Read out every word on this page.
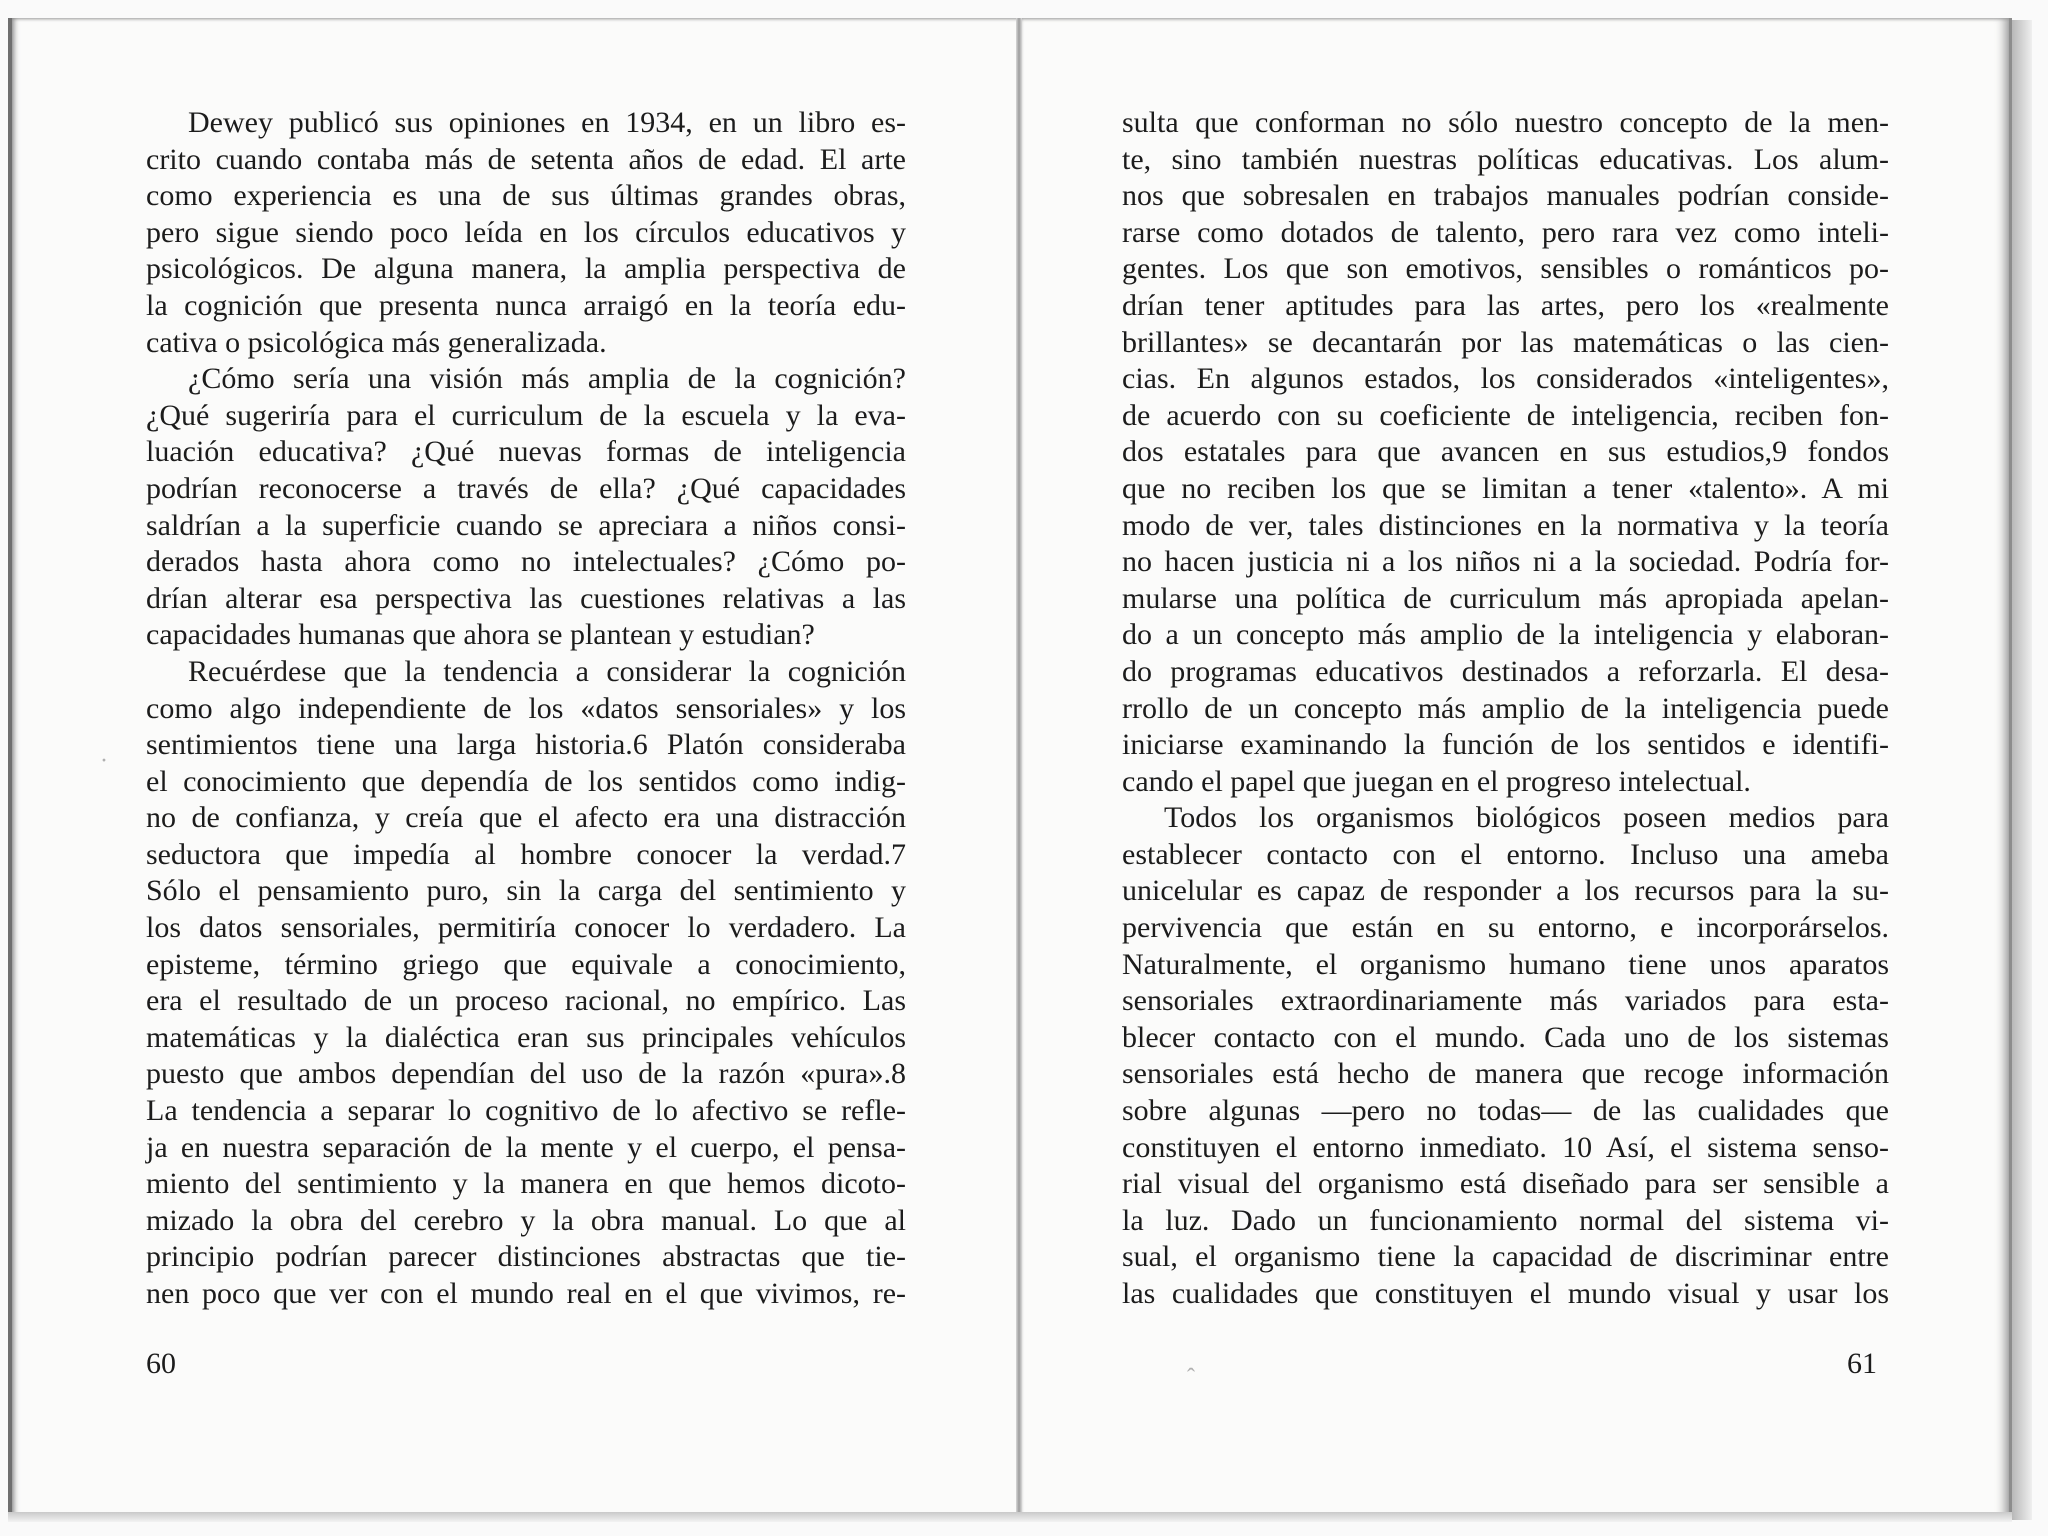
·
ˆ

Dewey publicó sus opiniones en 1934, en un libro es-
crito cuando contaba más de setenta años de edad. El arte
como experiencia es una de sus últimas grandes obras,
pero sigue siendo poco leída en los círculos educativos y
psicológicos. De alguna manera, la amplia perspectiva de
la cognición que presenta nunca arraigó en la teoría edu-
cativa o psicológica más generalizada.

¿Cómo sería una visión más amplia de la cognición?
¿Qué sugeriría para el curriculum de la escuela y la eva-
luación educativa? ¿Qué nuevas formas de inteligencia
podrían reconocerse a través de ella? ¿Qué capacidades
saldrían a la superficie cuando se apreciara a niños consi-
derados hasta ahora como no intelectuales? ¿Cómo po-
drían alterar esa perspectiva las cuestiones relativas a las
capacidades humanas que ahora se plantean y estudian?

Recuérdese que la tendencia a considerar la cognición
como algo independiente de los «datos sensoriales» y los
sentimientos tiene una larga historia.6 Platón consideraba
el conocimiento que dependía de los sentidos como indig-
no de confianza, y creía que el afecto era una distracción
seductora que impedía al hombre conocer la verdad.7
Sólo el pensamiento puro, sin la carga del sentimiento y
los datos sensoriales, permitiría conocer lo verdadero. La
episteme, término griego que equivale a conocimiento,
era el resultado de un proceso racional, no empírico. Las
matemáticas y la dialéctica eran sus principales vehículos
puesto que ambos dependían del uso de la razón «pura».8
La tendencia a separar lo cognitivo de lo afectivo se refle-
ja en nuestra separación de la mente y el cuerpo, el pensa-
miento del sentimiento y la manera en que hemos dicoto-
mizado la obra del cerebro y la obra manual. Lo que al
principio podrían parecer distinciones abstractas que tie-
nen poco que ver con el mundo real en el que vivimos, re-

60

sulta que conforman no sólo nuestro concepto de la men-
te, sino también nuestras políticas educativas. Los alum-
nos que sobresalen en trabajos manuales podrían conside-
rarse como dotados de talento, pero rara vez como inteli-
gentes. Los que son emotivos, sensibles o románticos po-
drían tener aptitudes para las artes, pero los «realmente
brillantes» se decantarán por las matemáticas o las cien-
cias. En algunos estados, los considerados «inteligentes»,
de acuerdo con su coeficiente de inteligencia, reciben fon-
dos estatales para que avancen en sus estudios,9 fondos
que no reciben los que se limitan a tener «talento». A mi
modo de ver, tales distinciones en la normativa y la teoría
no hacen justicia ni a los niños ni a la sociedad. Podría for-
mularse una política de curriculum más apropiada apelan-
do a un concepto más amplio de la inteligencia y elaboran-
do programas educativos destinados a reforzarla. El desa-
rrollo de un concepto más amplio de la inteligencia puede
iniciarse examinando la función de los sentidos e identifi-
cando el papel que juegan en el progreso intelectual.

Todos los organismos biológicos poseen medios para
establecer contacto con el entorno. Incluso una ameba
unicelular es capaz de responder a los recursos para la su-
pervivencia que están en su entorno, e incorporárselos.
Naturalmente, el organismo humano tiene unos aparatos
sensoriales extraordinariamente más variados para esta-
blecer contacto con el mundo. Cada uno de los sistemas
sensoriales está hecho de manera que recoge información
sobre algunas —pero no todas— de las cualidades que
constituyen el entorno inmediato. 10 Así, el sistema senso-
rial visual del organismo está diseñado para ser sensible a
la luz. Dado un funcionamiento normal del sistema vi-
sual, el organismo tiene la capacidad de discriminar entre
las cualidades que constituyen el mundo visual y usar los

61
